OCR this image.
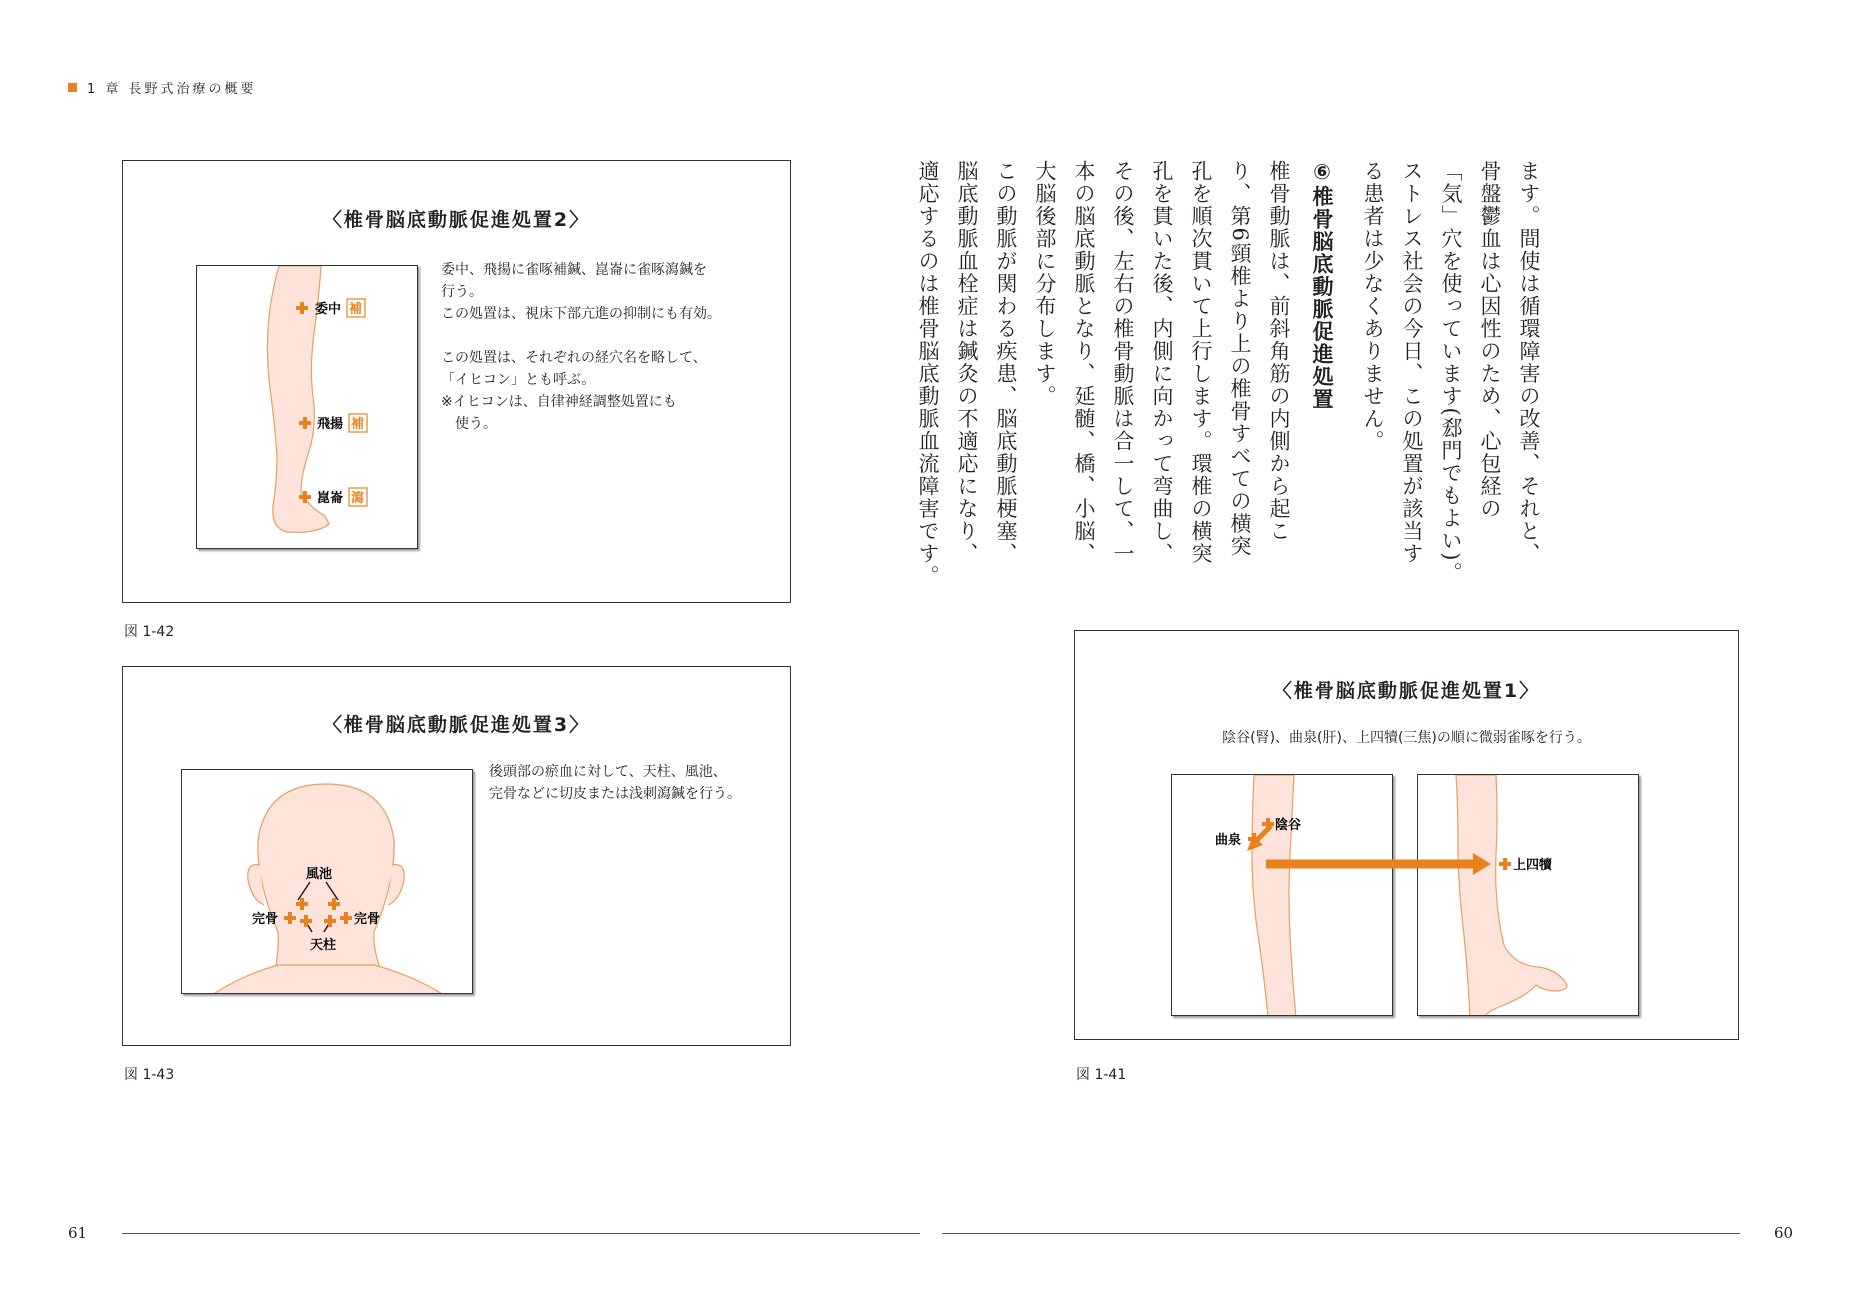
1 章 長野式治療の概要
〈椎骨脳底動脈促進処置2〉
委中 補
飛揚 補
崑崙 瀉

委中、飛揚に雀啄補鍼、崑崙に雀啄瀉鍼を

行う。

この処置は、視床下部亢進の抑制にも有効。

この処置は、それぞれの経穴名を略して、

「イヒコン」とも呼ぶ。

※イヒコンは、自律神経調整処置にも

　使う。

図 1-42
〈椎骨脳底動脈促進処置3〉
風池
完骨	完骨
天柱

後頭部の瘀血に対して、天柱、風池、

完骨などに切皮または浅刺瀉鍼を行う。

図 1-43
ます。間使は循環障害の改善、それと、
骨盤鬱血は心因性のため、心包経の
「気」穴を使っています(郄門でもよい)。
ストレス社会の今日、この処置が該当す
る患者は少なくありません。
⑥椎骨脳底動脈促進処置
椎骨動脈は、前斜角筋の内側から起こ
り、第6頸椎より上の椎骨すべての横突
孔を順次貫いて上行します。環椎の横突
孔を貫いた後、内側に向かって弯曲し、
その後、左右の椎骨動脈は合一して、一
本の脳底動脈となり、延髄、橋、小脳、
大脳後部に分布します。
この動脈が関わる疾患、脳底動脈梗塞、
脳底動脈血栓症は鍼灸の不適応になり、
適応するのは椎骨脳底動脈血流障害です。
〈椎骨脳底動脈促進処置1〉
陰谷(腎)、曲泉(肝)、上四犢(三焦)の順に微弱雀啄を行う。
陰谷
曲泉
上四犢
図 1-41
61	60
